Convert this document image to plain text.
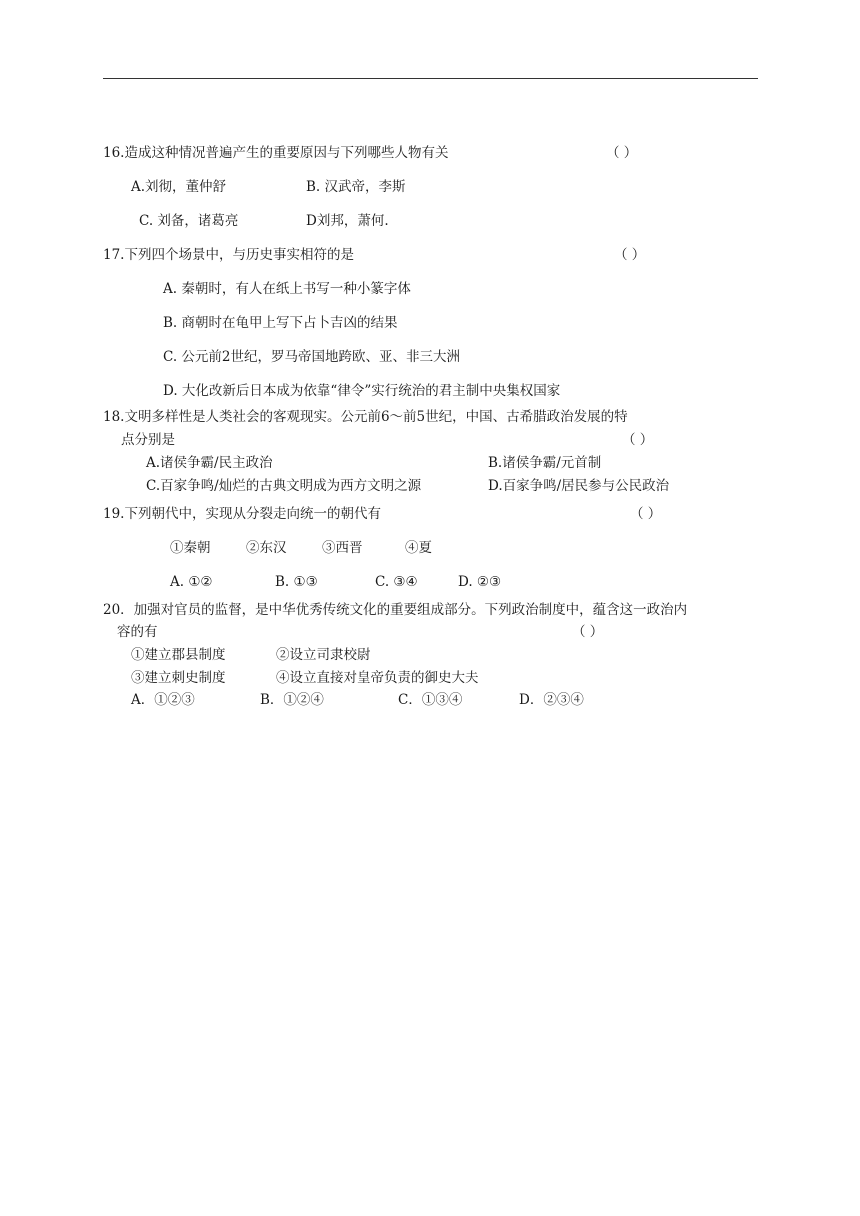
16.造成这种情况普遍产生的重要原因与下列哪些人物有关	（ ）
A.刘彻，董仲舒	B. 汉武帝，李斯
C. 刘备，诸葛亮	D刘邦，萧何.
17.下列四个场景中，与历史事实相符的是	（ ）
A. 秦朝时，有人在纸上书写一种小篆字体
B. 商朝时在龟甲上写下占卜吉凶的结果
C. 公元前2世纪，罗马帝国地跨欧、亚、非三大洲
D. 大化改新后日本成为依靠“律令”实行统治的君主制中央集权国家
18.文明多样性是人类社会的客观现实。公元前6～前5世纪，中国、古希腊政治发展的特
点分别是	（ ）
A.诸侯争霸/民主政治	B.诸侯争霸/元首制
C.百家争鸣/灿烂的古典文明成为西方文明之源	D.百家争鸣/居民参与公民政治
19.下列朝代中，实现从分裂走向统一的朝代有	（ ）
①秦朝	②东汉	③西晋	④夏
A. ①②	B. ①③	C. ③④	D. ②③
20．加强对官员的监督，是中华优秀传统文化的重要组成部分。下列政治制度中，蕴含这一政治内
容的有	（ ）
①建立郡县制度	②设立司隶校尉
③建立刺史制度	④设立直接对皇帝负责的御史大夫
A．①②③	B．①②④	C．①③④	D．②③④
